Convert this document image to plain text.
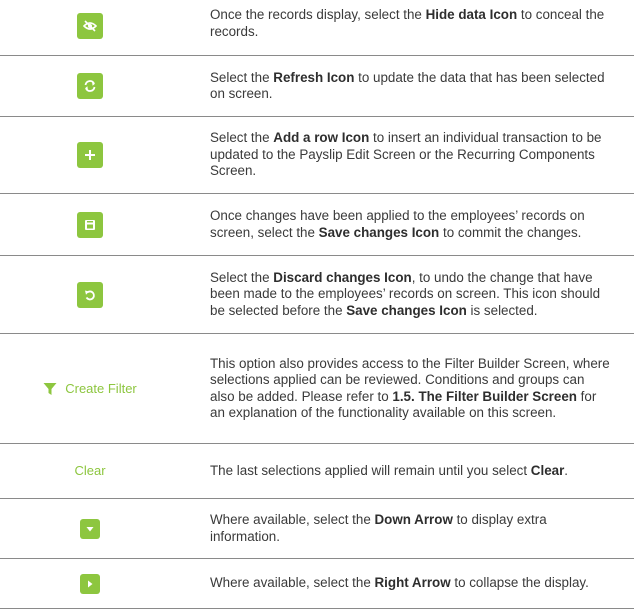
Once the records display, select the Hide data Icon to conceal the records.

Select the Refresh Icon to update the data that has been selected on screen.

Select the Add a row Icon to insert an individual transaction to be updated to the Payslip Edit Screen or the Recurring Components Screen.

Once changes have been applied to the employees’ records on screen, select the Save changes Icon to commit the changes.

Select the Discard changes Icon, to undo the change that have been made to the employees’ records on screen. This icon should be selected before the Save changes Icon is selected.

Create Filter

This option also provides access to the Filter Builder Screen, where selections applied can be reviewed. Conditions and groups can also be added. Please refer to 1.5. The Filter Builder Screen for an explanation of the functionality available on this screen.

Clear	The last selections applied will remain until you select Clear.

Where available, select the Down Arrow to display extra information.

Where available, select the Right Arrow to collapse the display.
